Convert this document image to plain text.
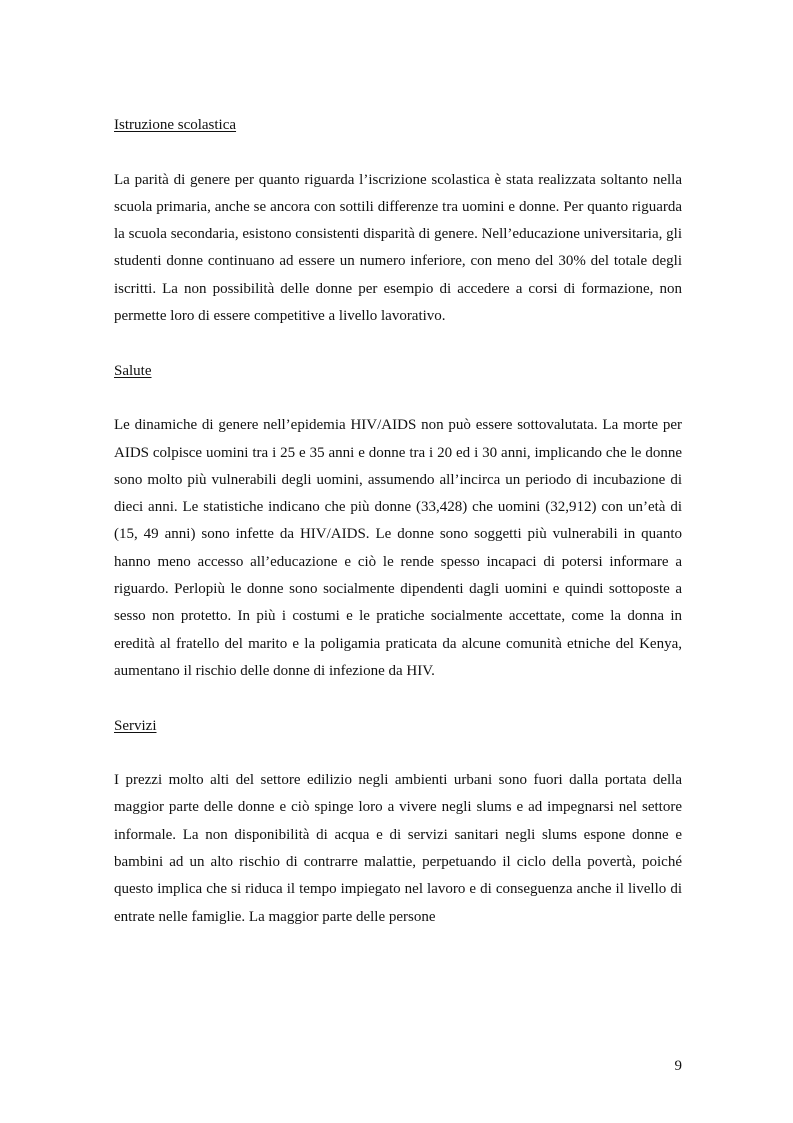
Istruzione scolastica

La parità di genere per quanto riguarda l’iscrizione scolastica è stata realizzata soltanto nella scuola primaria, anche se ancora con sottili differenze tra uomini e donne. Per quanto riguarda la scuola secondaria, esistono consistenti disparità di genere. Nell’educazione universitaria, gli studenti donne continuano ad essere un numero inferiore, con meno del 30% del totale degli iscritti. La non possibilità delle donne per esempio di accedere a corsi di formazione, non permette loro di essere competitive a livello lavorativo.

Salute

Le dinamiche di genere nell’epidemia HIV/AIDS non può essere sottovalutata. La morte per AIDS colpisce uomini tra i 25 e 35 anni e donne tra i 20 ed i 30 anni, implicando che le donne sono molto più vulnerabili degli uomini, assumendo all’incirca un periodo di incubazione di dieci anni. Le statistiche indicano che più donne (33,428) che uomini (32,912) con un’età di (15, 49 anni) sono infette da HIV/AIDS. Le donne sono soggetti più vulnerabili in quanto hanno meno accesso all’educazione e ciò le rende spesso incapaci di potersi informare a riguardo. Perlopiù le donne sono socialmente dipendenti dagli uomini e quindi sottoposte a sesso non protetto. In più i costumi e le pratiche socialmente accettate, come la donna in eredità al fratello del marito e la poligamia praticata da alcune comunità etniche del Kenya, aumentano il rischio delle donne di infezione da HIV.

Servizi

I prezzi molto alti del settore edilizio negli ambienti urbani sono fuori dalla portata della maggior parte delle donne e ciò spinge loro a vivere negli slums e ad impegnarsi nel settore informale. La non disponibilità di acqua e di servizi sanitari negli slums espone donne e bambini ad un alto rischio di contrarre malattie, perpetuando il ciclo della povertà, poiché questo implica che si riduca il tempo impiegato nel lavoro e di conseguenza anche il livello di entrate nelle famiglie. La maggior parte delle persone

9
